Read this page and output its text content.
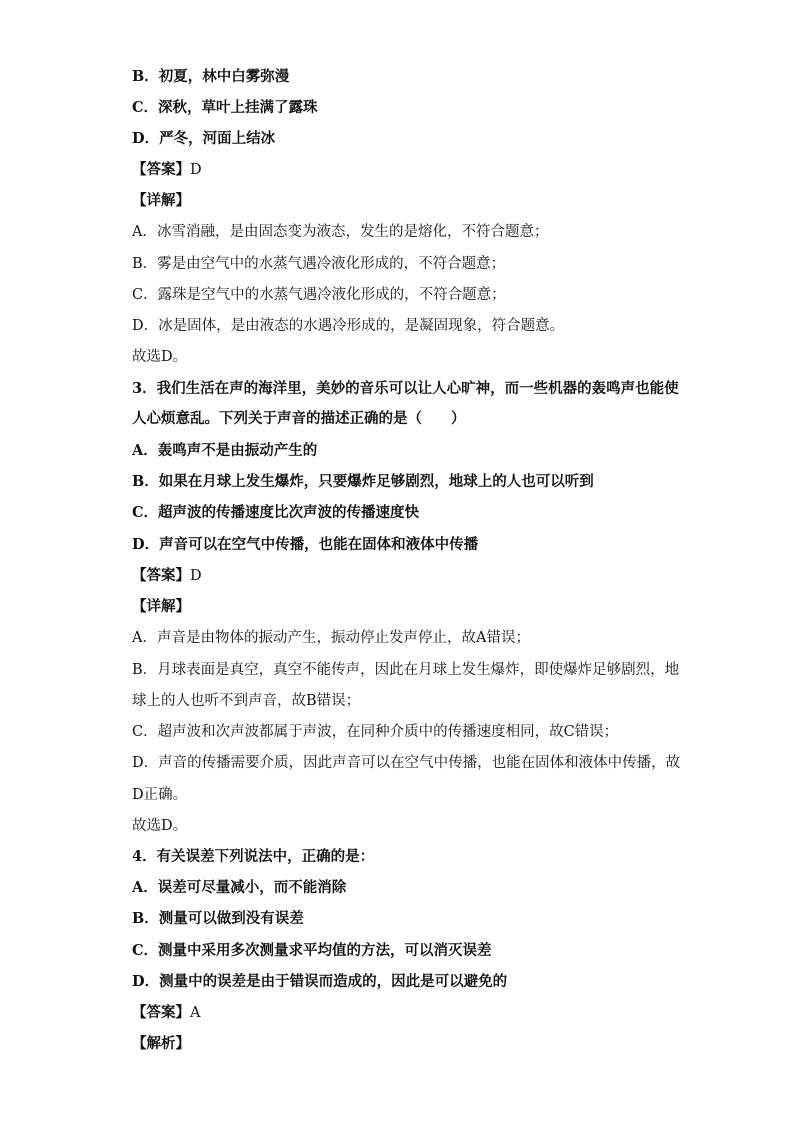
B．初夏，林中白雾弥漫
C．深秋，草叶上挂满了露珠
D．严冬，河面上结冰
【答案】D
【详解】
A．冰雪消融，是由固态变为液态，发生的是熔化，不符合题意；
B．雾是由空气中的水蒸气遇冷液化形成的，不符合题意；
C．露珠是空气中的水蒸气遇冷液化形成的，不符合题意；
D．冰是固体，是由液态的水遇冷形成的，是凝固现象，符合题意。
故选D。
3．我们生活在声的海洋里，美妙的音乐可以让人心旷神，而一些机器的轰鸣声也能使
人心烦意乱。下列关于声音的描述正确的是（　　）
A．轰鸣声不是由振动产生的
B．如果在月球上发生爆炸，只要爆炸足够剧烈，地球上的人也可以听到
C．超声波的传播速度比次声波的传播速度快
D．声音可以在空气中传播，也能在固体和液体中传播
【答案】D
【详解】
A．声音是由物体的振动产生，振动停止发声停止，故A错误；
B．月球表面是真空，真空不能传声，因此在月球上发生爆炸，即使爆炸足够剧烈，地
球上的人也听不到声音，故B错误；
C．超声波和次声波都属于声波，在同种介质中的传播速度相同，故C错误；
D．声音的传播需要介质，因此声音可以在空气中传播，也能在固体和液体中传播，故
D正确。
故选D。
4．有关误差下列说法中，正确的是：
A．误差可尽量减小，而不能消除
B．测量可以做到没有误差
C．测量中采用多次测量求平均值的方法，可以消灭误差
D．测量中的误差是由于错误而造成的，因此是可以避免的
【答案】A
【解析】
